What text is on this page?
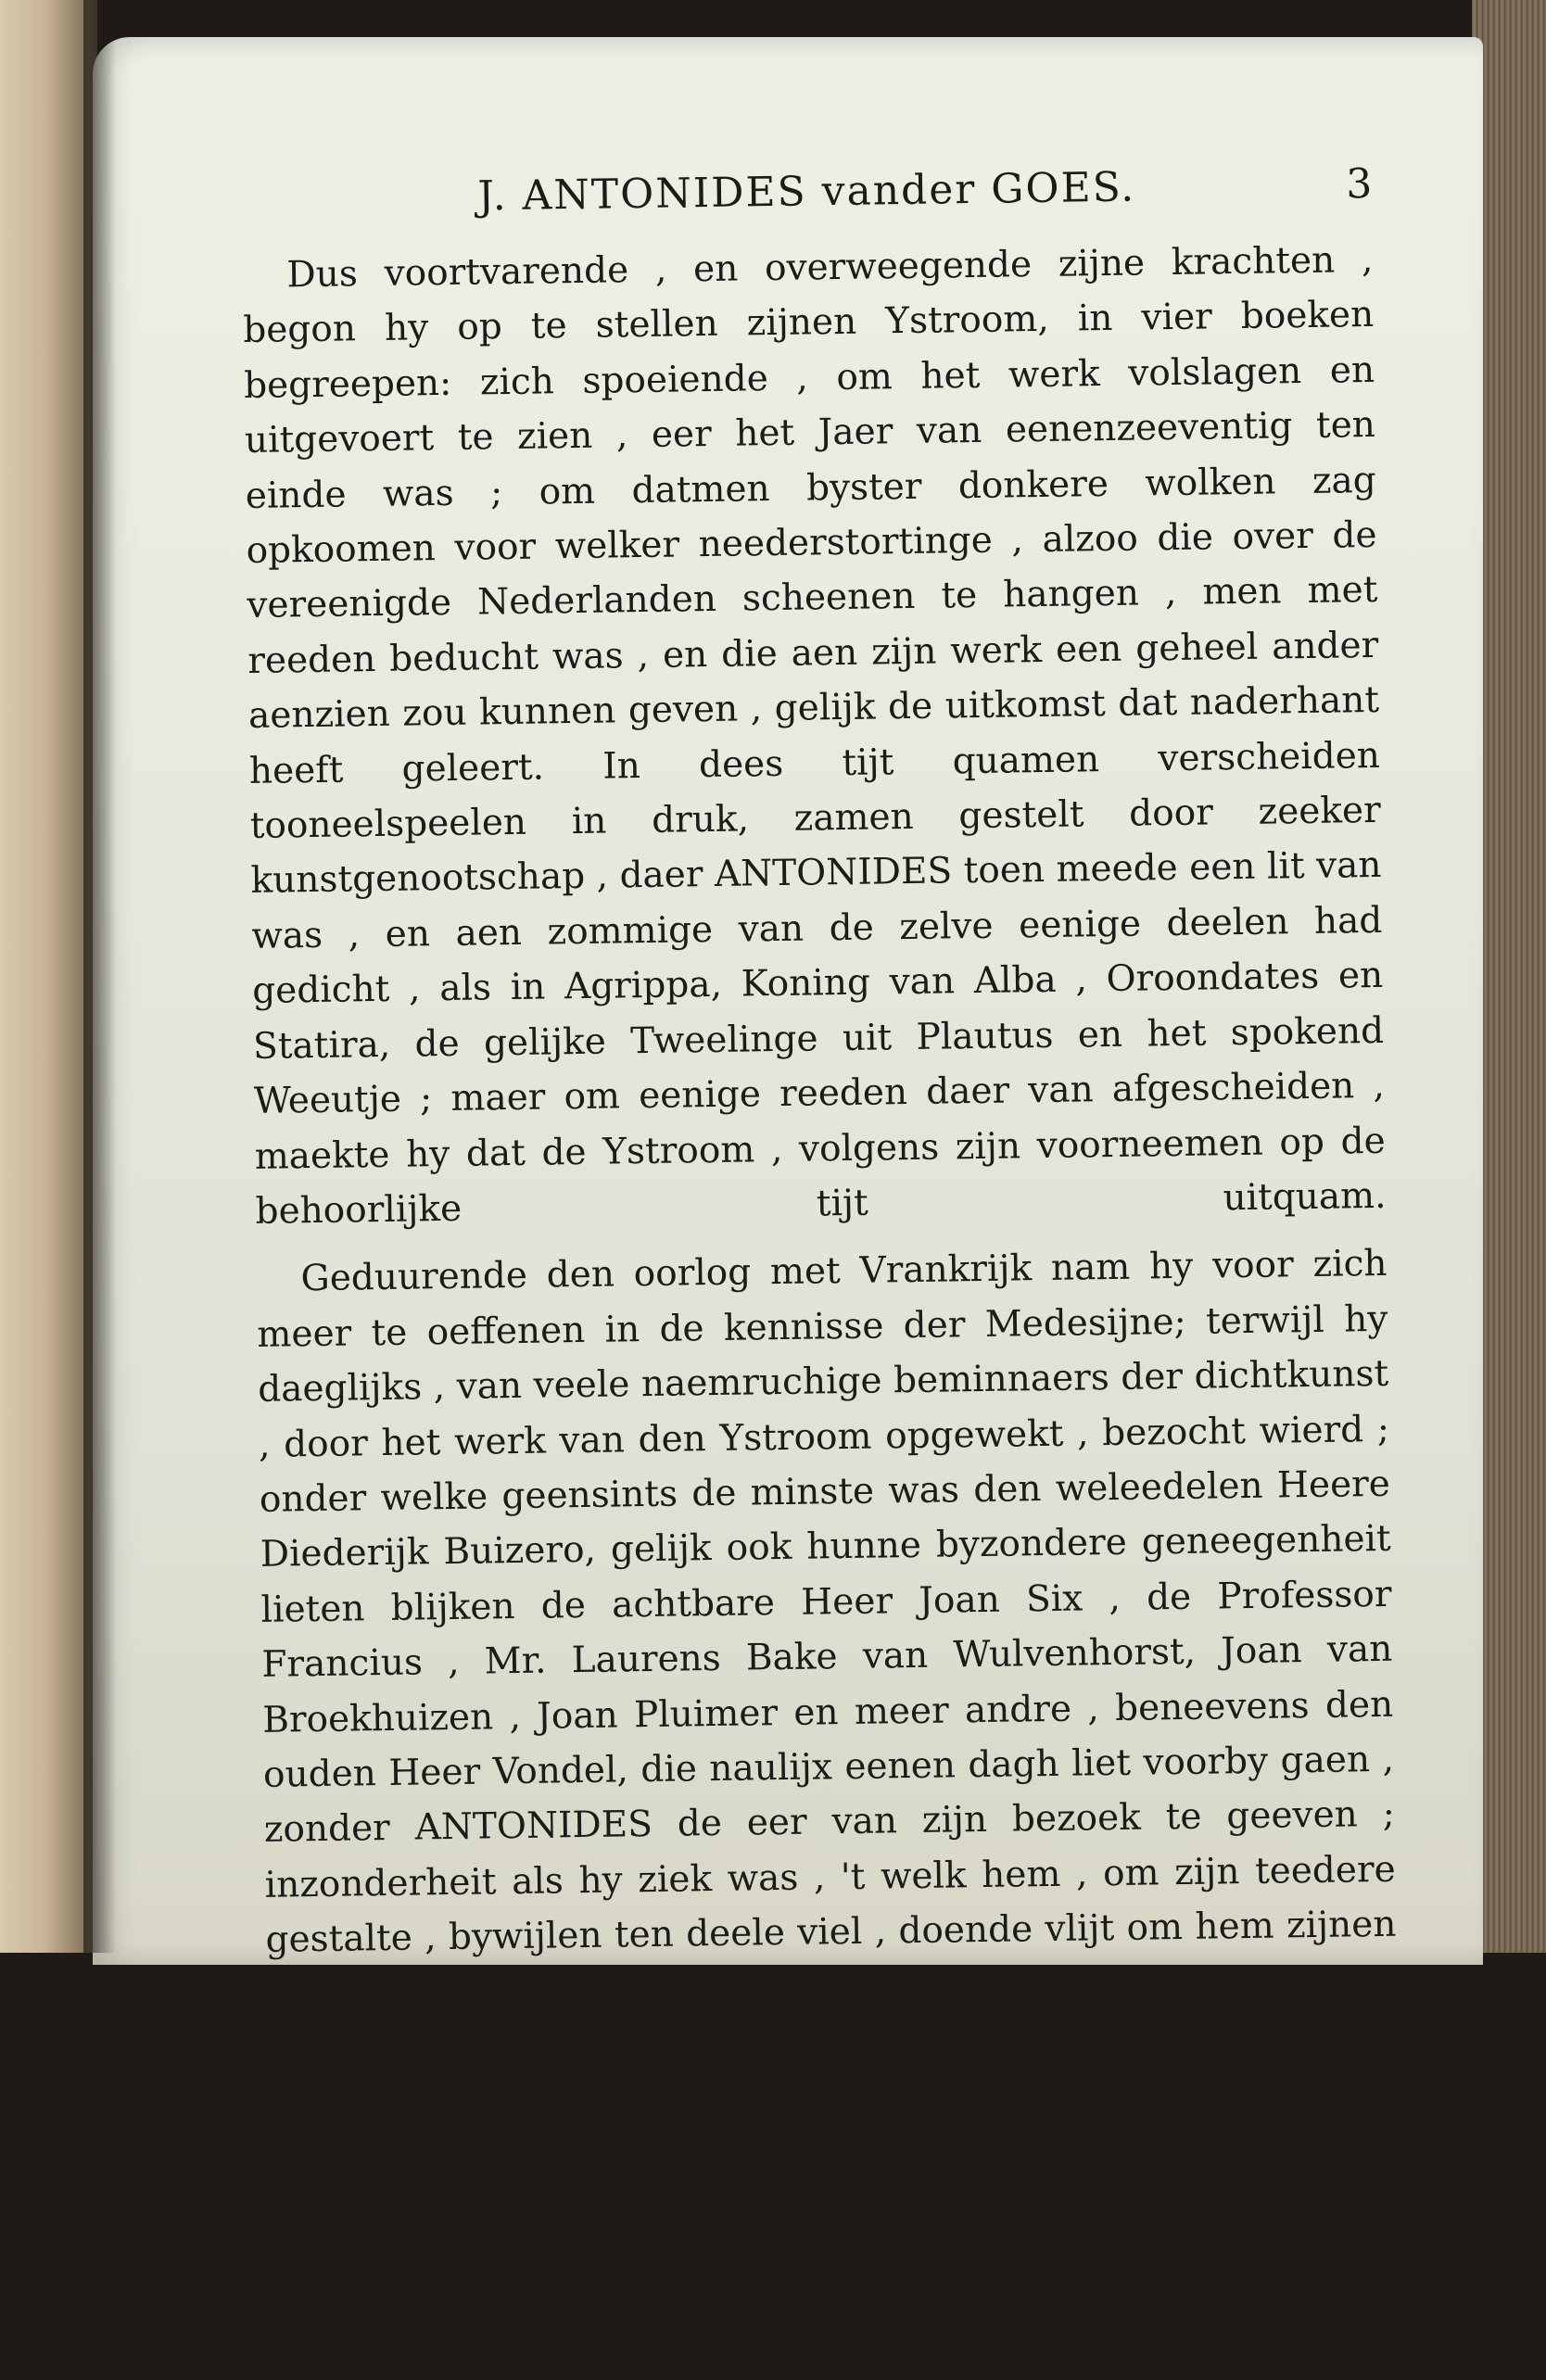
J. ANTONIDES vander GOES.	3

Dus voortvarende , en overweegende zijne krachten , begon hy op te stellen zijnen Ystroom, in vier boeken begreepen: zich spoeiende , om het werk volslagen en uitgevoert te zien , eer het Jaer van eenenzeeventig ten einde was ; om datmen byster donkere wolken zag opkoomen voor welker neederstortinge , alzoo die over de vereenigde Nederlanden scheenen te hangen , men met reeden beducht was , en die aen zijn werk een geheel ander aenzien zou kunnen geven , gelijk de uitkomst dat naderhant heeft geleert. In dees tijt quamen verscheiden tooneelspeelen in druk, zamen gestelt door zeeker kunstgenootschap , daer ANTONIDES toen meede een lit van was , en aen zommige van de zelve eenige deelen had gedicht , als in Agrippa, Koning van Alba , Oroondates en Statira, de gelijke Tweelinge uit Plautus en het spokend Weeutje ; maer om eenige reeden daer van afgescheiden , maekte hy dat de Ystroom , volgens zijn voorneemen op de behoorlijke tijt uitquam.

Geduurende den oorlog met Vrankrijk nam hy voor zich meer te oeffenen in de kennisse der Medesijne; terwijl hy daeglijks , van veele naemruchige beminnaers der dichtkunst , door het werk van den Ystroom opgewekt , bezocht wierd ; onder welke geensints de minste was den weleedelen Heere Diederijk Buizero, gelijk ook hunne byzondere geneegenheit lieten blijken de achtbare Heer Joan Six , de Professor Francius , Mr. Laurens Bake van Wulvenhorst, Joan van Broekhuizen , Joan Pluimer en meer andre , beneevens den ouden Heer Vondel, die naulijx eenen dagh liet voorby gaen , zonder ANTONIDES de eer van zijn bezoek te geeven ; inzonderheit als hy ziek was , 't welk hem , om zijn teedere gestalte , bywijlen ten deele viel , doende vlijt om hem zijnen moed frisch en wakker te houden : gelijk hy hem , in zulk een stand vindende , door eenige genuchelijke vertellingen , wat minder aen zijn ongemak deed gedenken.

Toen Uitrecht van de Fransche troepen bevrijd was , begaf hy zich aldaer in de hooge school , om zijne kennisse in de geneeskunde wijder voort te zetten ; tot hy met den tijtel van

* 2	Dok-
